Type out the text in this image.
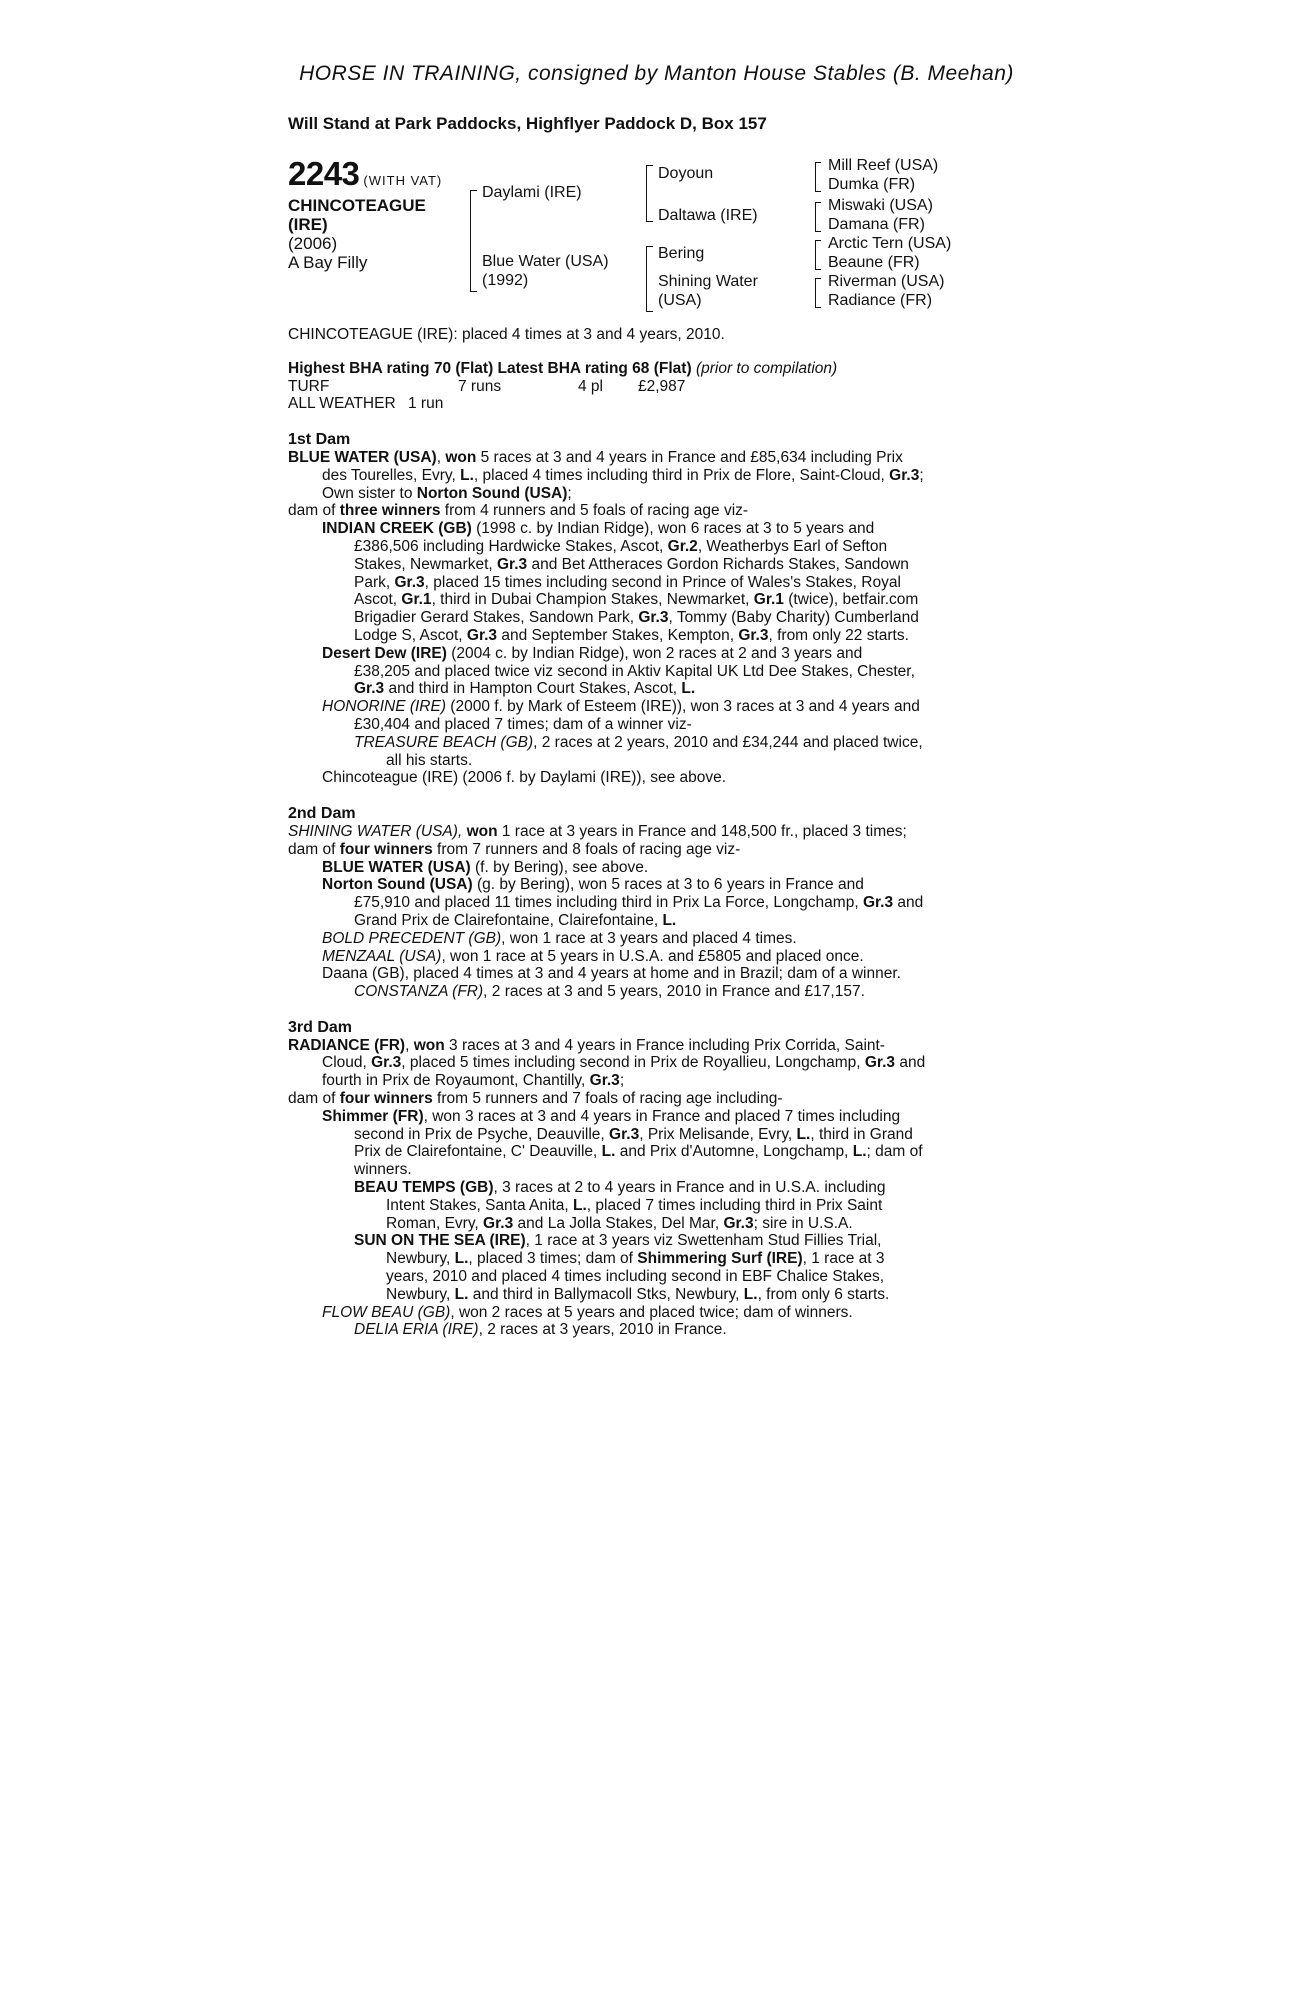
HORSE IN TRAINING, consigned by Manton House Stables (B. Meehan)
Will Stand at Park Paddocks, Highflyer Paddock D, Box 157
2243 (WITH VAT)
CHINCOTEAGUE
(IRE)
(2006)
A Bay Filly
Daylami (IRE)
Blue Water (USA)
(1992)
Doyoun
Daltawa (IRE)
Bering
Shining Water
(USA)
Mill Reef (USA)
Dumka (FR)
Miswaki (USA)
Damana (FR)
Arctic Tern (USA)
Beaune (FR)
Riverman (USA)
Radiance (FR)
CHINCOTEAGUE (IRE): placed 4 times at 3 and 4 years, 2010.
Highest BHA rating 70 (Flat) Latest BHA rating 68 (Flat) (prior to compilation)
TURF	7 runs	4 pl £2,987
ALL WEATHER 1 run
1st Dam
BLUE WATER (USA), won 5 races at 3 and 4 years in France and £85,634 including Prix
des Tourelles, Evry, L., placed 4 times including third in Prix de Flore, Saint-Cloud, Gr.3;
Own sister to Norton Sound (USA);
dam of three winners from 4 runners and 5 foals of racing age viz-
INDIAN CREEK (GB) (1998 c. by Indian Ridge), won 6 races at 3 to 5 years and
£386,506 including Hardwicke Stakes, Ascot, Gr.2, Weatherbys Earl of Sefton
Stakes, Newmarket, Gr.3 and Bet Attheraces Gordon Richards Stakes, Sandown
Park, Gr.3, placed 15 times including second in Prince of Wales's Stakes, Royal
Ascot, Gr.1, third in Dubai Champion Stakes, Newmarket, Gr.1 (twice), betfair.com
Brigadier Gerard Stakes, Sandown Park, Gr.3, Tommy (Baby Charity) Cumberland
Lodge S, Ascot, Gr.3 and September Stakes, Kempton, Gr.3, from only 22 starts.
Desert Dew (IRE) (2004 c. by Indian Ridge), won 2 races at 2 and 3 years and
£38,205 and placed twice viz second in Aktiv Kapital UK Ltd Dee Stakes, Chester,
Gr.3 and third in Hampton Court Stakes, Ascot, L.
HONORINE (IRE) (2000 f. by Mark of Esteem (IRE)), won 3 races at 3 and 4 years and
£30,404 and placed 7 times; dam of a winner viz-
TREASURE BEACH (GB), 2 races at 2 years, 2010 and £34,244 and placed twice,
all his starts.
Chincoteague (IRE) (2006 f. by Daylami (IRE)), see above.
2nd Dam
SHINING WATER (USA), won 1 race at 3 years in France and 148,500 fr., placed 3 times;
dam of four winners from 7 runners and 8 foals of racing age viz-
BLUE WATER (USA) (f. by Bering), see above.
Norton Sound (USA) (g. by Bering), won 5 races at 3 to 6 years in France and
£75,910 and placed 11 times including third in Prix La Force, Longchamp, Gr.3 and
Grand Prix de Clairefontaine, Clairefontaine, L.
BOLD PRECEDENT (GB), won 1 race at 3 years and placed 4 times.
MENZAAL (USA), won 1 race at 5 years in U.S.A. and £5805 and placed once.
Daana (GB), placed 4 times at 3 and 4 years at home and in Brazil; dam of a winner.
CONSTANZA (FR), 2 races at 3 and 5 years, 2010 in France and £17,157.
3rd Dam
RADIANCE (FR), won 3 races at 3 and 4 years in France including Prix Corrida, Saint-
Cloud, Gr.3, placed 5 times including second in Prix de Royallieu, Longchamp, Gr.3 and
fourth in Prix de Royaumont, Chantilly, Gr.3;
dam of four winners from 5 runners and 7 foals of racing age including-
Shimmer (FR), won 3 races at 3 and 4 years in France and placed 7 times including
second in Prix de Psyche, Deauville, Gr.3, Prix Melisande, Evry, L., third in Grand
Prix de Clairefontaine, C' Deauville, L. and Prix d'Automne, Longchamp, L.; dam of
winners.
BEAU TEMPS (GB), 3 races at 2 to 4 years in France and in U.S.A. including
Intent Stakes, Santa Anita, L., placed 7 times including third in Prix Saint
Roman, Evry, Gr.3 and La Jolla Stakes, Del Mar, Gr.3; sire in U.S.A.
SUN ON THE SEA (IRE), 1 race at 3 years viz Swettenham Stud Fillies Trial,
Newbury, L., placed 3 times; dam of Shimmering Surf (IRE), 1 race at 3
years, 2010 and placed 4 times including second in EBF Chalice Stakes,
Newbury, L. and third in Ballymacoll Stks, Newbury, L., from only 6 starts.
FLOW BEAU (GB), won 2 races at 5 years and placed twice; dam of winners.
DELIA ERIA (IRE), 2 races at 3 years, 2010 in France.
